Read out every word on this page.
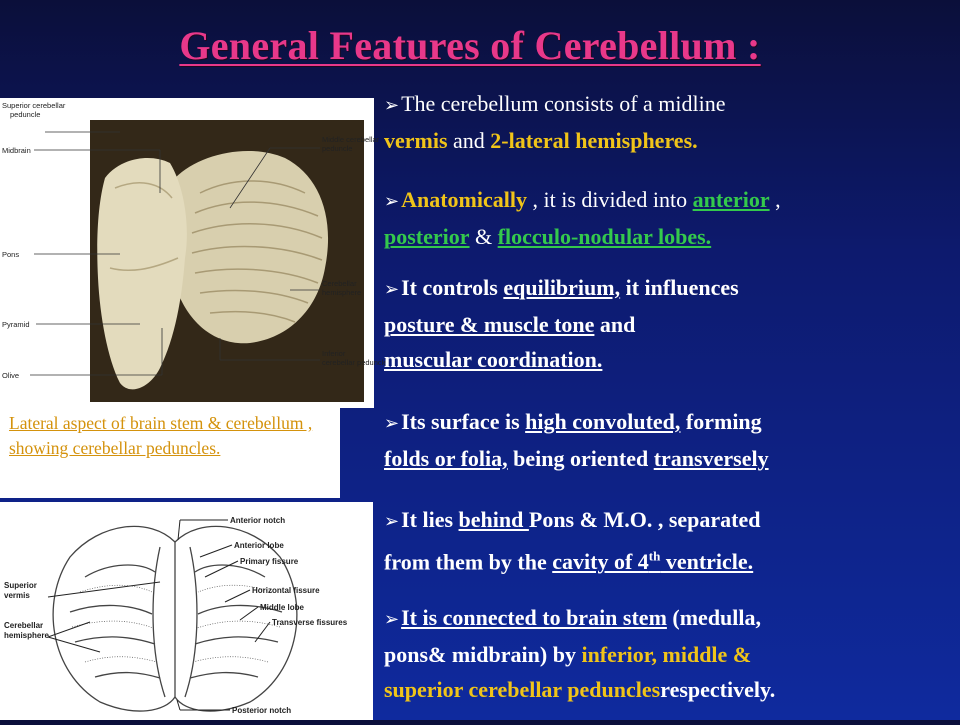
General Features of Cerebellum :
Superior cerebellar
peduncle
Midbrain
Middle cerebellar
peduncle
Pons
Cerebellar
hemisphere
Pyramid
Olive
Inferior
cerebellar peduncle
Lateral aspect of brain stem & cerebellum , showing cerebellar peduncles.
Anterior notch
Anterior lobe
Primary fissure
Horizontal fissure
Middle lobe
Transverse fissures
Superior
vermis
Cerebellar
hemisphere
Posterior notch
➢The cerebellum consists of a midline
vermis and 2-lateral hemispheres.
➢Anatomically , it is divided into anterior ,
posterior & flocculo-nodular lobes.
➢It controls equilibrium, it influences
posture & muscle tone and
muscular coordination.
➢Its surface is high convoluted, forming
folds or folia, being oriented transversely
➢It lies behind Pons & M.O. , separated
from them by the cavity of 4th ventricle.
➢It is connected to brain stem (medulla,
pons& midbrain) by inferior, middle &
superior cerebellar pedunclesrespectively.
